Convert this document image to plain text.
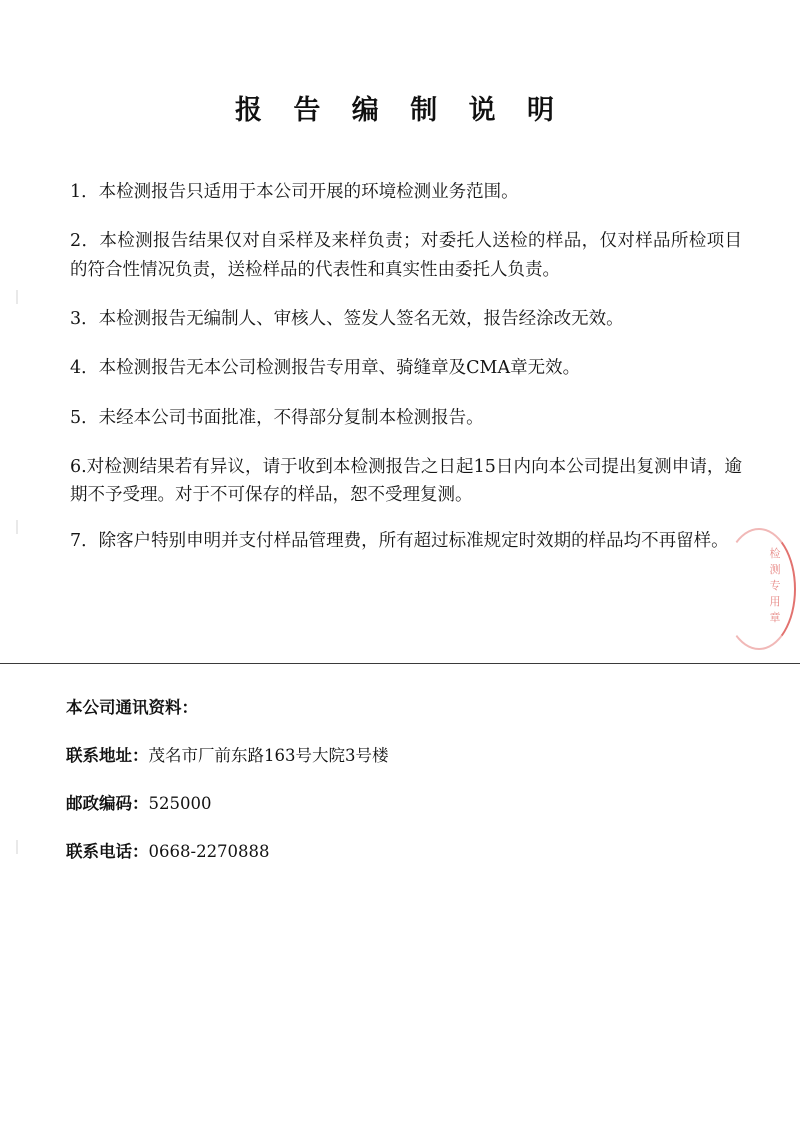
报 告 编 制 说 明
1．本检测报告只适用于本公司开展的环境检测业务范围。
2．本检测报告结果仅对自采样及来样负责；对委托人送检的样品，仅对样品所检项目的符合性情况负责，送检样品的代表性和真实性由委托人负责。
3．本检测报告无编制人、审核人、签发人签名无效，报告经涂改无效。
4．本检测报告无本公司检测报告专用章、骑缝章及CMA章无效。
5．未经本公司书面批准，不得部分复制本检测报告。
6.对检测结果若有异议，请于收到本检测报告之日起15日内向本公司提出复测申请，逾期不予受理。对于不可保存的样品，恕不受理复测。
7．除客户特别申明并支付样品管理费，所有超过标准规定时效期的样品均不再留样。
检测专用章
本公司通讯资料：
联系地址：茂名市厂前东路163号大院3号楼
邮政编码：525000
联系电话：0668-2270888
